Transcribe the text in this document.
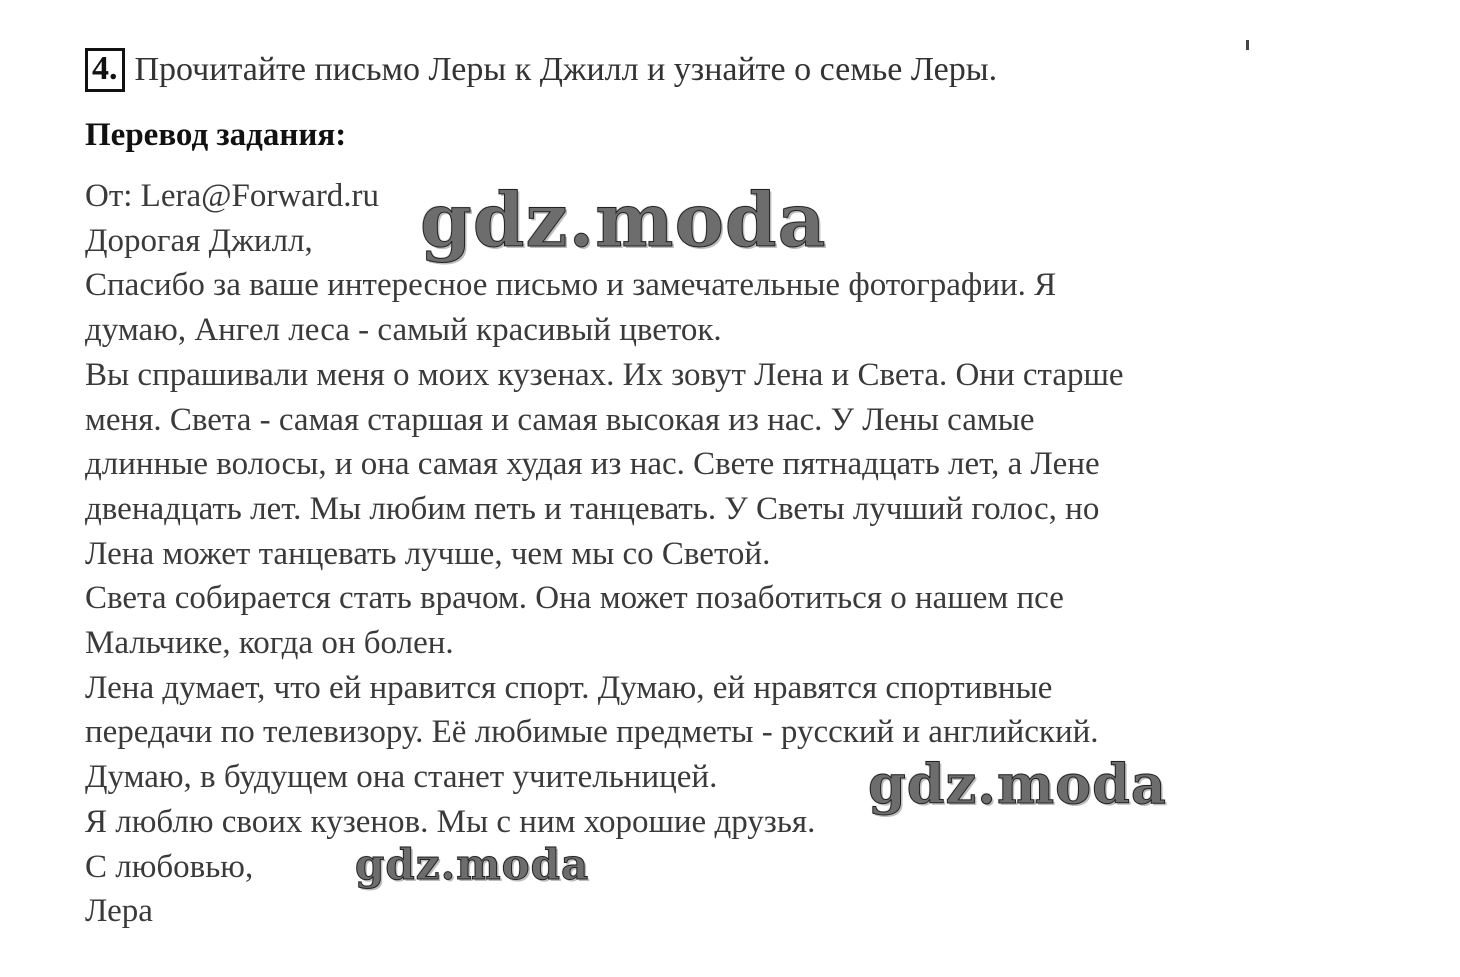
4. Прочитайте письмо Леры к Джилл и узнайте о семье Леры.
Перевод задания:
От: Lera@Forward.ru
Дорогая Джилл,
Спасибо за ваше интересное письмо и замечательные фотографии. Я
думаю, Ангел леса - самый красивый цветок.
Вы спрашивали меня о моих кузенах. Их зовут Лена и Света. Они старше
меня. Света - самая старшая и самая высокая из нас. У Лены самые
длинные волосы, и она самая худая из нас. Свете пятнадцать лет, а Лене
двенадцать лет. Мы любим петь и танцевать. У Светы лучший голос, но
Лена может танцевать лучше, чем мы со Светой.
Света собирается стать врачом. Она может позаботиться о нашем псе
Мальчике, когда он болен.
Лена думает, что ей нравится спорт. Думаю, ей нравятся спортивные
передачи по телевизору. Её любимые предметы - русский и английский.
Думаю, в будущем она станет учительницей.
Я люблю своих кузенов. Мы с ним хорошие друзья.
С любовью,
Лера
gdz.moda
gdz.moda
gdz.moda
